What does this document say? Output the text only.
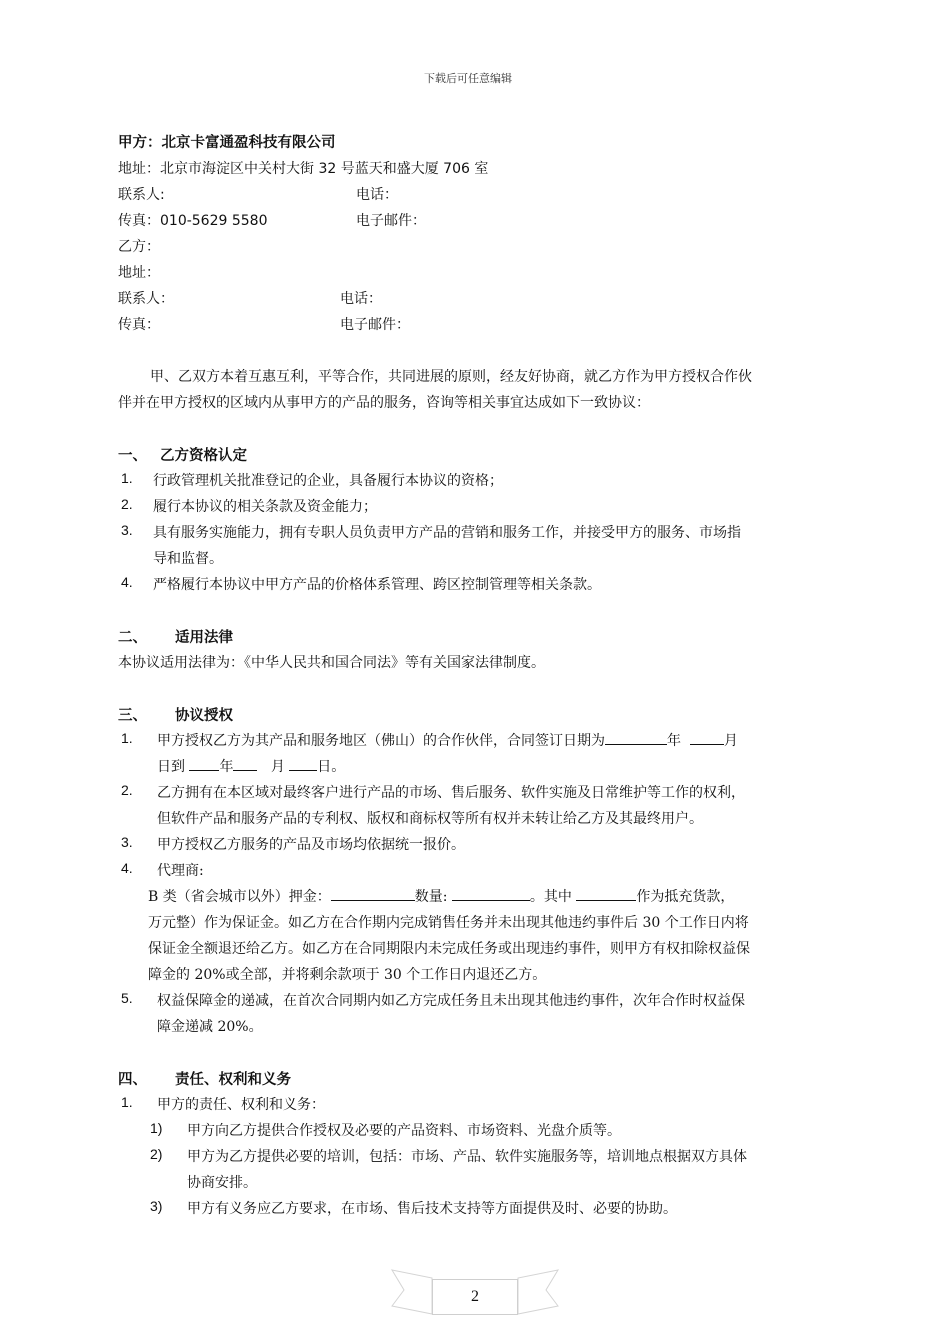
下载后可任意编辑
甲方：北京卡富通盈科技有限公司
地址：北京市海淀区中关村大街 32 号蓝天和盛大厦 706 室
联系人:	电话：
传真：010-5629 5580	电子邮件：
乙方：
地址：
联系人：	电话：
传真：	电子邮件：
甲、乙双方本着互惠互利，平等合作，共同进展的原则，经友好协商，就乙方作为甲方授权合作伙
伴并在甲方授权的区域内从事甲方的产品的服务，咨询等相关事宜达成如下一致协议：
一、 乙方资格认定
1. 行政管理机关批准登记的企业，具备履行本协议的资格；
2. 履行本协议的相关条款及资金能力；
3. 具有服务实施能力，拥有专职人员负责甲方产品的营销和服务工作，并接受甲方的服务、市场指
导和监督。
4. 严格履行本协议中甲方产品的价格体系管理、跨区控制管理等相关条款。
二、 适用法律
本协议适用法律为：《中华人民共和国合同法》等有关国家法律制度。
三、 协议授权
1. 甲方授权乙方为其产品和服务地区（佛山）的合作伙伴，合同签订日期为	年	月
日到 年	月 日。
2. 乙方拥有在本区域对最终客户进行产品的市场、售后服务、软件实施及日常维护等工作的权利，
但软件产品和服务产品的专利权、版权和商标权等所有权并未转让给乙方及其最终用户。
3. 甲方授权乙方服务的产品及市场均依据统一报价。
4. 代理商:
B 类（省会城市以外）押金：	数量:	。其中	作为抵充货款，
万元整）作为保证金。如乙方在合作期内完成销售任务并未出现其他违约事件后 30 个工作日内将
保证金全额退还给乙方。如乙方在合同期限内未完成任务或出现违约事件，则甲方有权扣除权益保
障金的 20%或全部，并将剩余款项于 30 个工作日内退还乙方。
5. 权益保障金的递减，在首次合同期内如乙方完成任务且未出现其他违约事件，次年合作时权益保
障金递减 20%。
四、 责任、权利和义务
1. 甲方的责任、权利和义务：
1) 甲方向乙方提供合作授权及必要的产品资料、市场资料、光盘介质等。
2) 甲方为乙方提供必要的培训，包括：市场、产品、软件实施服务等，培训地点根据双方具体
协商安排。
3) 甲方有义务应乙方要求，在市场、售后技术支持等方面提供及时、必要的协助。
2
